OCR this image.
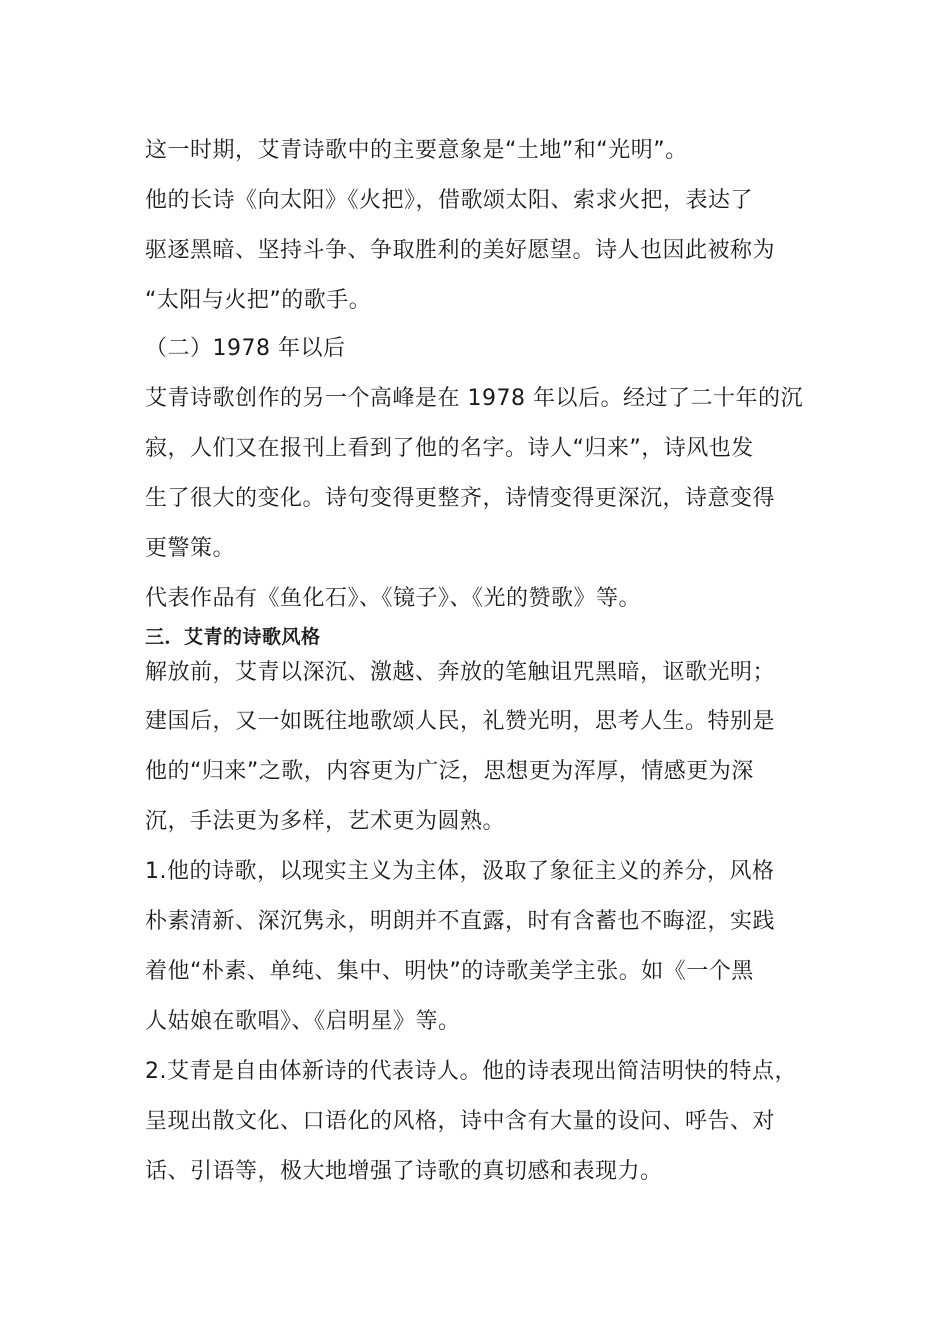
这一时期，艾青诗歌中的主要意象是“土地”和“光明”。
他的长诗《向太阳》《火把》，借歌颂太阳、索求火把，表达了
驱逐黑暗、坚持斗争、争取胜利的美好愿望。诗人也因此被称为
“太阳与火把”的歌手。
（二）1978 年以后
艾青诗歌创作的另一个高峰是在 1978 年以后。经过了二十年的沉
寂，人们又在报刊上看到了他的名字。诗人“归来”，诗风也发
生了很大的变化。诗句变得更整齐，诗情变得更深沉，诗意变得
更警策。
代表作品有《鱼化石》、《镜子》、《光的赞歌》等。
三．艾青的诗歌风格
解放前，艾青以深沉、激越、奔放的笔触诅咒黑暗，讴歌光明；
建国后，又一如既往地歌颂人民，礼赞光明，思考人生。特别是
他的“归来”之歌，内容更为广泛，思想更为浑厚，情感更为深
沉，手法更为多样，艺术更为圆熟。
1.他的诗歌，以现实主义为主体，汲取了象征主义的养分，风格
朴素清新、深沉隽永，明朗并不直露，时有含蓄也不晦涩，实践
着他“朴素、单纯、集中、明快”的诗歌美学主张。如《一个黑
人姑娘在歌唱》、《启明星》等。
2.艾青是自由体新诗的代表诗人。他的诗表现出简洁明快的特点，
呈现出散文化、口语化的风格，诗中含有大量的设问、呼告、对
话、引语等，极大地增强了诗歌的真切感和表现力。
